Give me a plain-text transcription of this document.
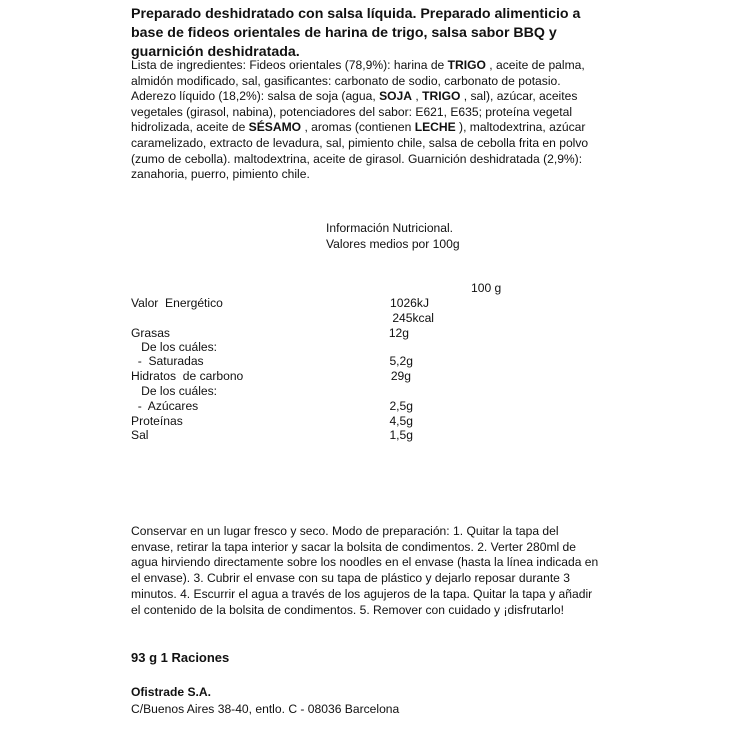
Preparado deshidratado con salsa líquida. Preparado alimenticio a base de fideos orientales de harina de trigo, salsa sabor BBQ y guarnición deshidratada.

Lista de ingredientes: Fideos orientales (78,9%): harina de TRIGO , aceite de palma, almidón modificado, sal, gasificantes: carbonato de sodio, carbonato de potasio. Aderezo líquido (18,2%): salsa de soja (agua, SOJA , TRIGO , sal), azúcar, aceites vegetales (girasol, nabina), potenciadores del sabor: E621, E635; proteína vegetal hidrolizada, aceite de SÉSAMO , aromas (contienen LECHE ), maltodextrina, azúcar caramelizado, extracto de levadura, sal, pimiento chile, salsa de cebolla frita en polvo (zumo de cebolla). maltodextrina, aceite de girasol. Guarnición deshidratada (2,9%): zanahoria, puerro, pimiento chile.

Información Nutricional.
Valores medios por 100g
100 g
Valor  Energético	1026kJ
245kcal
Grasas	12g
De los cuáles:
-  Saturadas	5,2g
Hidratos  de carbono	29g
De los cuáles:
-  Azúcares	2,5g
Proteínas	4,5g
Sal	1,5g

Conservar en un lugar fresco y seco. Modo de preparación: 1. Quitar la tapa del envase, retirar la tapa interior y sacar la bolsita de condimentos. 2. Verter 280ml de agua hirviendo directamente sobre los noodles en el envase (hasta la línea indicada en el envase). 3. Cubrir el envase con su tapa de plástico y dejarlo reposar durante 3 minutos. 4. Escurrir el agua a través de los agujeros de la tapa. Quitar la tapa y añadir el contenido de la bolsita de condimentos. 5. Remover con cuidado y ¡disfrutarlo!

93 g 1 Raciones
Ofistrade S.A.
C/Buenos Aires 38-40, entlo. C - 08036 Barcelona
